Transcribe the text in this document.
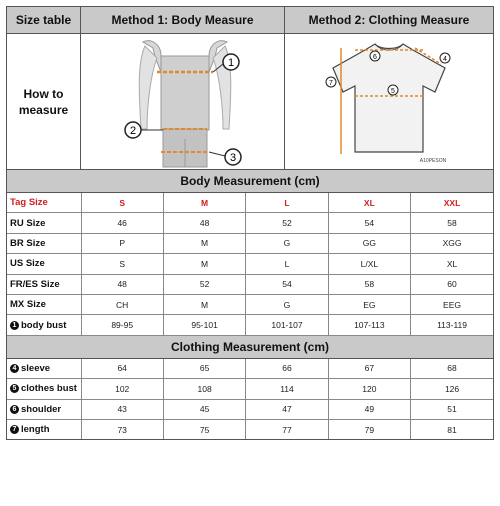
Size table	Method 1: Body Measure	Method 2: Clothing Measure
How to
measure
1
2
3
6	4
5
7
A10PESON
Body Measurement (cm)
Tag Size	S	M	L	XL	XXL
RU Size	46	48	52	54	58
BR Size	P	M	G	GG	XGG
US Size	S	M	L	L/XL	XL
FR/ES Size	48	52	54	58	60
MX Size	CH	M	G	EG	EEG
1 body bust	89-95	95-101	101-107	107-113	113-119
Clothing Measurement (cm)
4 sleeve	64	65	66	67	68
5 clothes bust	102	108	114	120	126
6 shoulder	43	45	47	49	51
7 length	73	75	77	79	81
